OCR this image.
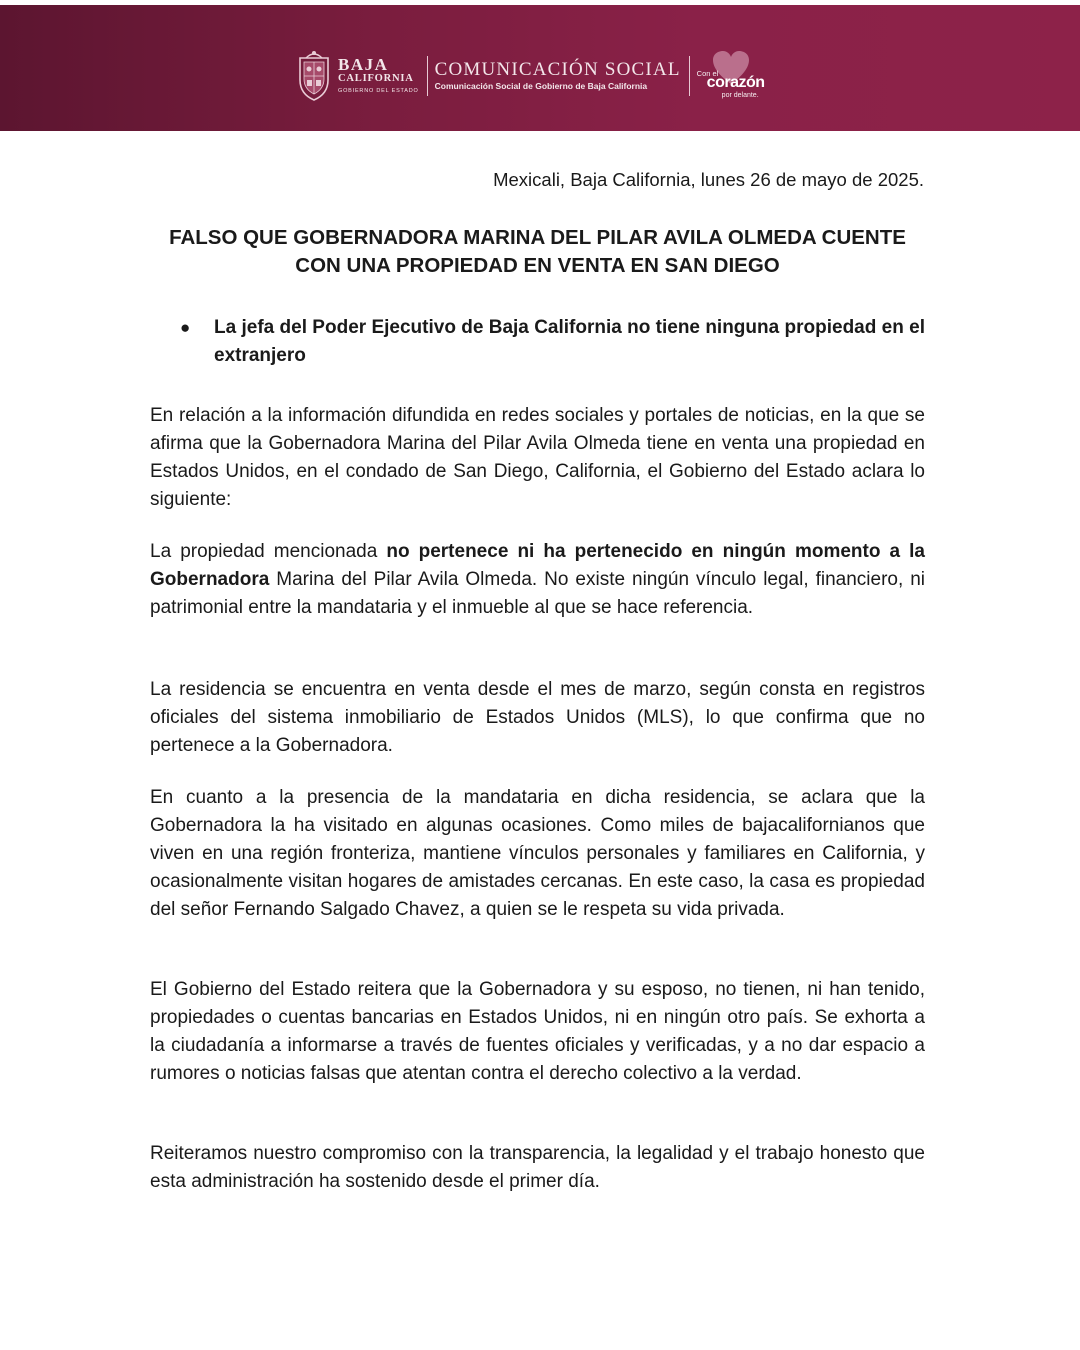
BAJA
CALIFORNIA
GOBIERNO DEL ESTADO
COMUNICACIÓN SOCIAL
Comunicación Social de Gobierno de Baja California
Con el
corazón
por delante.
Mexicali, Baja California, lunes 26 de mayo de 2025.
FALSO QUE GOBERNADORA MARINA DEL PILAR AVILA OLMEDA CUENTE CON UNA PROPIEDAD EN VENTA EN SAN DIEGO
●	La jefa del Poder Ejecutivo de Baja California no tiene ninguna propiedad en el extranjero

En relación a la información difundida en redes sociales y portales de noticias, en la que se afirma que la Gobernadora Marina del Pilar Avila Olmeda tiene en venta una propiedad en Estados Unidos, en el condado de San Diego, California, el Gobierno del Estado aclara lo siguiente:

La propiedad mencionada no pertenece ni ha pertenecido en ningún momento a la Gobernadora Marina del Pilar Avila Olmeda. No existe ningún vínculo legal, financiero, ni patrimonial entre la mandataria y el inmueble al que se hace referencia.

La residencia se encuentra en venta desde el mes de marzo, según consta en registros oficiales del sistema inmobiliario de Estados Unidos (MLS), lo que confirma que no pertenece a la Gobernadora.

En cuanto a la presencia de la mandataria en dicha residencia, se aclara que la Gobernadora la ha visitado en algunas ocasiones. Como miles de bajacalifornianos que viven en una región fronteriza, mantiene vínculos personales y familiares en California, y ocasionalmente visitan hogares de amistades cercanas. En este caso, la casa es propiedad del señor Fernando Salgado Chavez, a quien se le respeta su vida privada.

El Gobierno del Estado reitera que la Gobernadora y su esposo, no tienen, ni han tenido, propiedades o cuentas bancarias en Estados Unidos, ni en ningún otro país. Se exhorta a la ciudadanía a informarse a través de fuentes oficiales y verificadas, y a no dar espacio a rumores o noticias falsas que atentan contra el derecho colectivo a la verdad.

Reiteramos nuestro compromiso con la transparencia, la legalidad y el trabajo honesto que esta administración ha sostenido desde el primer día.
